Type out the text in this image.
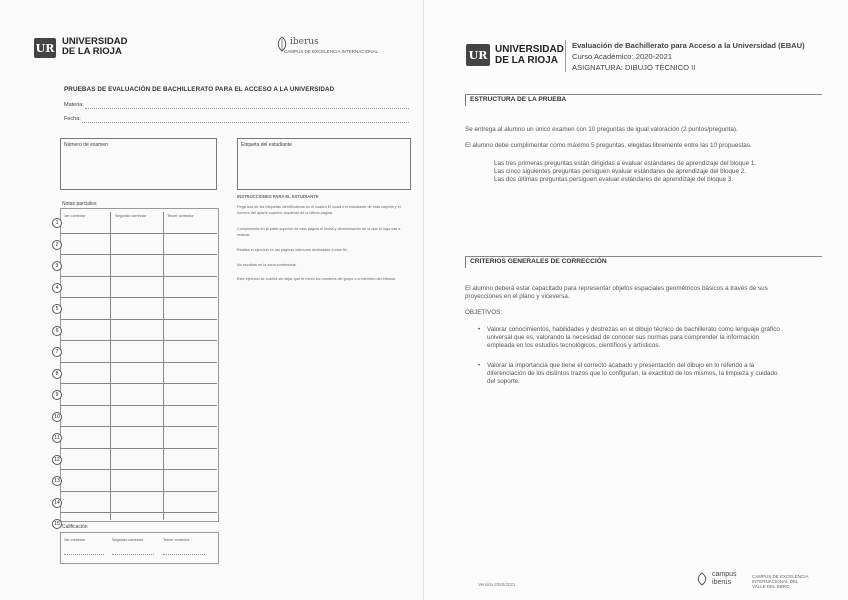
UR UNIVERSIDAD
DE LA RIOJA
iberus
CAMPUS DE EXCELENCIA INTERNACIONAL
PRUEBAS DE EVALUACIÓN DE BACHILLERATO PARA EL ACCESO A LA UNIVERSIDAD
Materia:
Fecha:
Número de examen	Etiqueta del estudiante
Notas parciales
1er corrector	Segundo corrector	Tercer corrector
1
2
3
4
5
6
7
8
9
10
11
12
13
14
15
INSTRUCCIONES PARA EL ESTUDIANTE
Pega una de las etiquetas identificativas en el cuadro El cuadro el estudiante de esta carpeta y el número del aparte superior izquierdo de la última página.
Cumplimenta en la parte superior de esta página el fecha y denominación de la que tú logo vas a realizar.
Realiza el ejercicio en las páginas interiores destinadas a este fin.
No escribas en la zona sombreada.
Este ejercicio se cubrirá sin dejar que te mires los nombres del grupo o a miembro del tribunal.
Calificación
1er corrector	Segundo corrector	Tercer corrector
UR UNIVERSIDAD
DE LA RIOJA
Evaluación de Bachillerato para Acceso a la Universidad (EBAU)
Curso Académico: 2020-2021
ASIGNATURA: DIBUJO TÉCNICO II
ESTRUCTURA DE LA PRUEBA
Se entrega al alumno un único examen con 10 preguntas de igual valoración (2 puntos/pregunta).
El alumno debe cumplimentar como máximo 5 preguntas, elegidas libremente entre las 10 propuestas.
Las tres primeras preguntas están dirigidas a evaluar estándares de aprendizaje del bloque 1.
Las cinco siguientes preguntas persiguen evaluar estándares de aprendizaje del bloque 2.
Las dos últimas preguntas persiguen evaluar estándares de aprendizaje del bloque 3.
CRITERIOS GENERALES DE CORRECCIÓN
El alumno deberá estar capacitado para representar objetos espaciales geométricos básicos a través de sus
proyecciones en el plano y viceversa.
OBJETIVOS:
• Valorar conocimientos, habilidades y destrezas en el dibujo técnico de bachillerato como lenguaje gráfico
universal que es, valorando la necesidad de conocer sus normas para comprender la información
empleada en los estudios tecnológicos, científicos y artísticos.
• Valorar la importancia que tiene el correcto acabado y presentación del dibujo en lo referido a la
diferenciación de los distintos trazos que lo configuran, la exactitud de los mismos, la limpieza y cuidado
del soporte.
Versión 2020/2021
campus
iberus
CAMPUS DE EXCELENCIA INTERNACIONAL DEL VALLE DEL EBRO
